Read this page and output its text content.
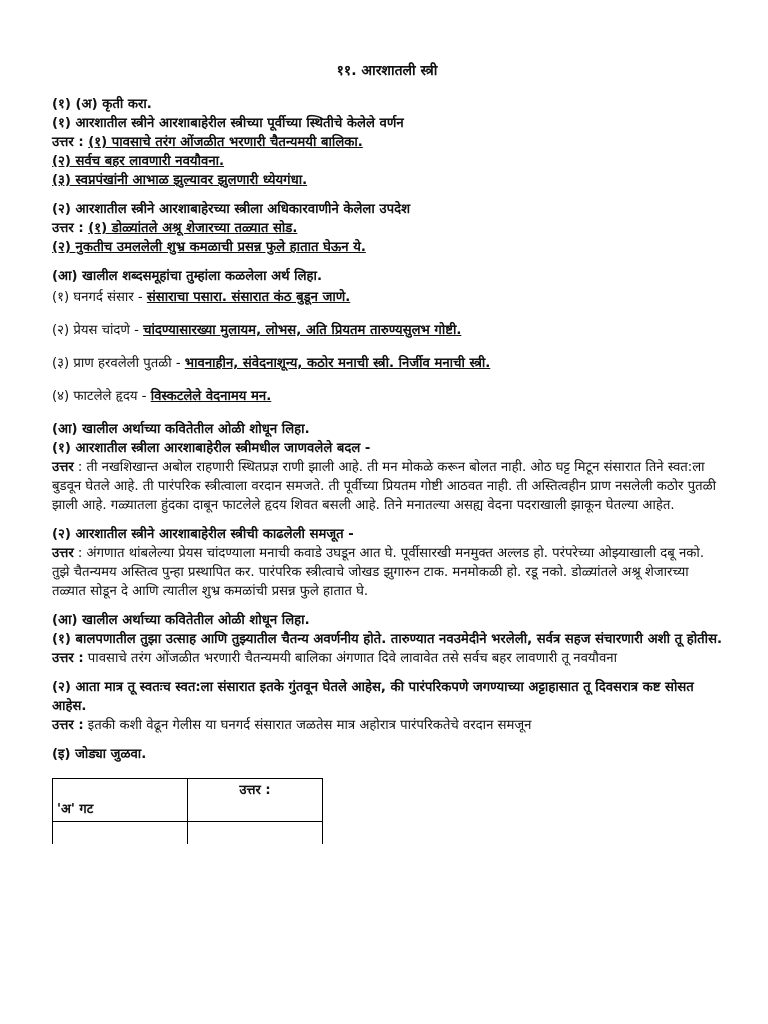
११. आरशातली स्त्री
(१) (अ) कृती करा.
(१) आरशातील स्त्रीने आरशाबाहेरील स्त्रीच्या पूर्वीच्या स्थितीचे केलेले वर्णन
उत्तर : (१) पावसाचे तरंग ओंजळीत भरणारी चैतन्यमयी बालिका.
(२) सर्वच बहर लावणारी नवयौवना.
(३) स्वप्नपंखांनी आभाळ झुल्यावर झुलणारी ध्येयगंधा.
(२) आरशातील स्त्रीने आरशाबाहेरच्या स्त्रीला अधिकारवाणीने केलेला उपदेश
उत्तर : (१) डोळ्यांतले अश्रू शेजारच्या तळ्यात सोड.
(२) नुकतीच उमललेली शुभ्र कमळाची प्रसन्न फुले हातात घेऊन ये.
(आ) खालील शब्दसमूहांचा तुम्हांला कळलेला अर्थ लिहा.
(१) घनगर्द संसार - संसाराचा पसारा. संसारात कंठ बुडून जाणे.
(२) प्रेयस चांदणे - चांदण्यासारख्या मुलायम, लोभस, अति प्रियतम तारुण्यसुलभ गोष्टी.
(३) प्राण हरवलेली पुतळी - भावनाहीन, संवेदनाशून्य, कठोर मनाची स्त्री. निर्जीव मनाची स्त्री.
(४) फाटलेले हृदय - विस्कटलेले वेदनामय मन.
(आ) खालील अर्थाच्या कवितेतील ओळी शोधून लिहा.
(१) आरशातील स्त्रीला आरशाबाहेरील स्त्रीमधील जाणवलेले बदल -
उत्तर : ती नखशिखान्त अबोल राहणारी स्थितप्रज्ञ राणी झाली आहे. ती मन मोकळे करून बोलत नाही. ओठ घट्ट मिटून संसारात तिने स्वत:ला बुडवून घेतले आहे. ती पारंपरिक स्त्रीत्वाला वरदान समजते. ती पूर्वीच्या प्रियतम गोष्टी आठवत नाही. ती अस्तित्वहीन प्राण नसलेली कठोर पुतळी झाली आहे. गळ्यातला हुंदका दाबून फाटलेले हृदय शिवत बसली आहे. तिने मनातल्या असह्य वेदना पदराखाली झाकून घेतल्या आहेत.
(२) आरशातील स्त्रीने आरशाबाहेरील स्त्रीची काढलेली समजूत -
उत्तर : अंगणात थांबलेल्या प्रेयस चांदण्याला मनाची कवाडे उघडून आत घे. पूर्वीसारखी मनमुक्त अल्लड हो. परंपरेच्या ओझ्याखाली दबू नको. तुझे चैतन्यमय अस्तित्व पुन्हा प्रस्थापित कर. पारंपरिक स्त्रीत्वाचे जोखड झुगारुन टाक. मनमोकळी हो. रडू नको. डोळ्यांतले अश्रू शेजारच्या तळ्यात सोडून दे आणि त्यातील शुभ्र कमळांची प्रसन्न फुले हातात घे.
(आ) खालील अर्थाच्या कवितेतील ओळी शोधून लिहा.
(१) बालपणातील तुझा उत्साह आणि तुझ्यातील चैतन्य अवर्णनीय होते. तारुण्यात नवउमेदीने भरलेली, सर्वत्र सहज संचारणारी अशी तू होतीस.
उत्तर : पावसाचे तरंग ओंजळीत भरणारी चैतन्यमयी बालिका अंगणात दिवे लावावेत तसे सर्वच बहर लावणारी तू नवयौवना
(२) आता मात्र तू स्वतःच स्वत:ला संसारात इतके गुंतवून घेतले आहेस, की पारंपरिकपणे जगण्याच्या अट्टाहासात तू दिवसरात्र कष्ट सोसत आहेस.
उत्तर : इतकी कशी वेढून गेलीस या घनगर्द संसारात जळतेस मात्र अहोरात्र पारंपरिकतेचे वरदान समजून
(इ) जोड्या जुळवा.
'अ' गट	उत्तर :
